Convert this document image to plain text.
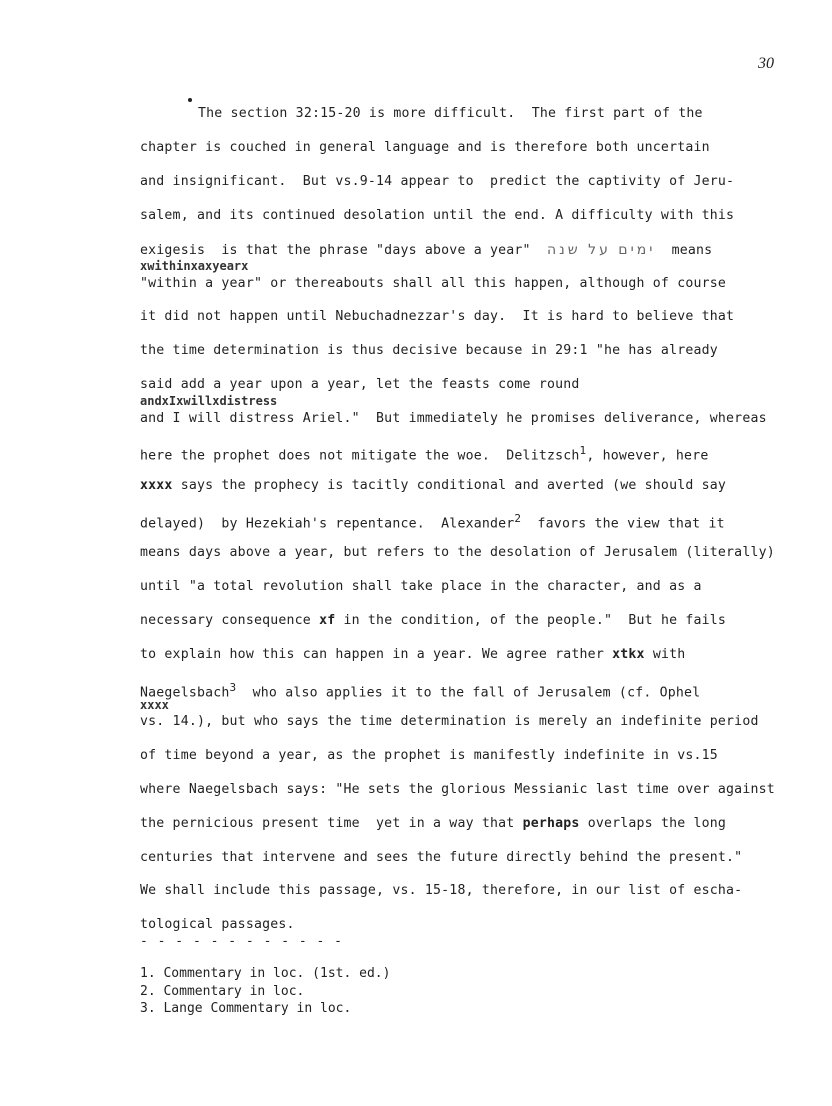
30
The section 32:15-20 is more difficult.  The first part of the
chapter is couched in general language and is therefore both uncertain
and insignificant.  But vs.9-14 appear to  predict the captivity of Jeru-
salem, and its continued desolation until the end. A difficulty with this
exigesis  is that the phrase "days above a year" ימים על שנה means
xwithinxaxyearx
"within a year" or thereabouts shall all this happen, although of course
it did not happen until Nebuchadnezzar's day.  It is hard to believe that
the time determination is thus decisive because in 29:1 "he has already
said add a year upon a year, let the feasts come round
andxIxwillxdistress
and I will distress Ariel."  But immediately he promises deliverance, whereas
here the prophet does not mitigate the woe.  Delitzsch$^1$, however, here
xxxx says the prophecy is tacitly conditional and averted (we should say
delayed)  by Hezekiah's repentance.  Alexander$^2$ favors the view that it
means days above a year, but refers to the desolation of Jerusalem (literally)
until "a total revolution shall take place in the character, and as a
necessary consequence xf in the condition, of the people."  But he fails
to explain how this can happen in a year. We agree rather xtkx with
Naegelsbach$^3$ who also applies it to the fall of Jerusalem (cf. Ophel
xxxx
vs. 14.), but who says the time determination is merely an indefinite period
of time beyond a year, as the prophet is manifestly indefinite in vs.15
where Naegelsbach says: "He sets the glorious Messianic last time over against
the pernicious present time  yet in a way that perhaps overlaps the long
centuries that intervene and sees the future directly behind the present."
We shall include this passage, vs. 15-18, therefore, in our list of escha-
tological passages.
- - - - - - - - - - - -
1. Commentary in loc. (1st. ed.)
2. Commentary in loc.
3. Lange Commentary in loc.
